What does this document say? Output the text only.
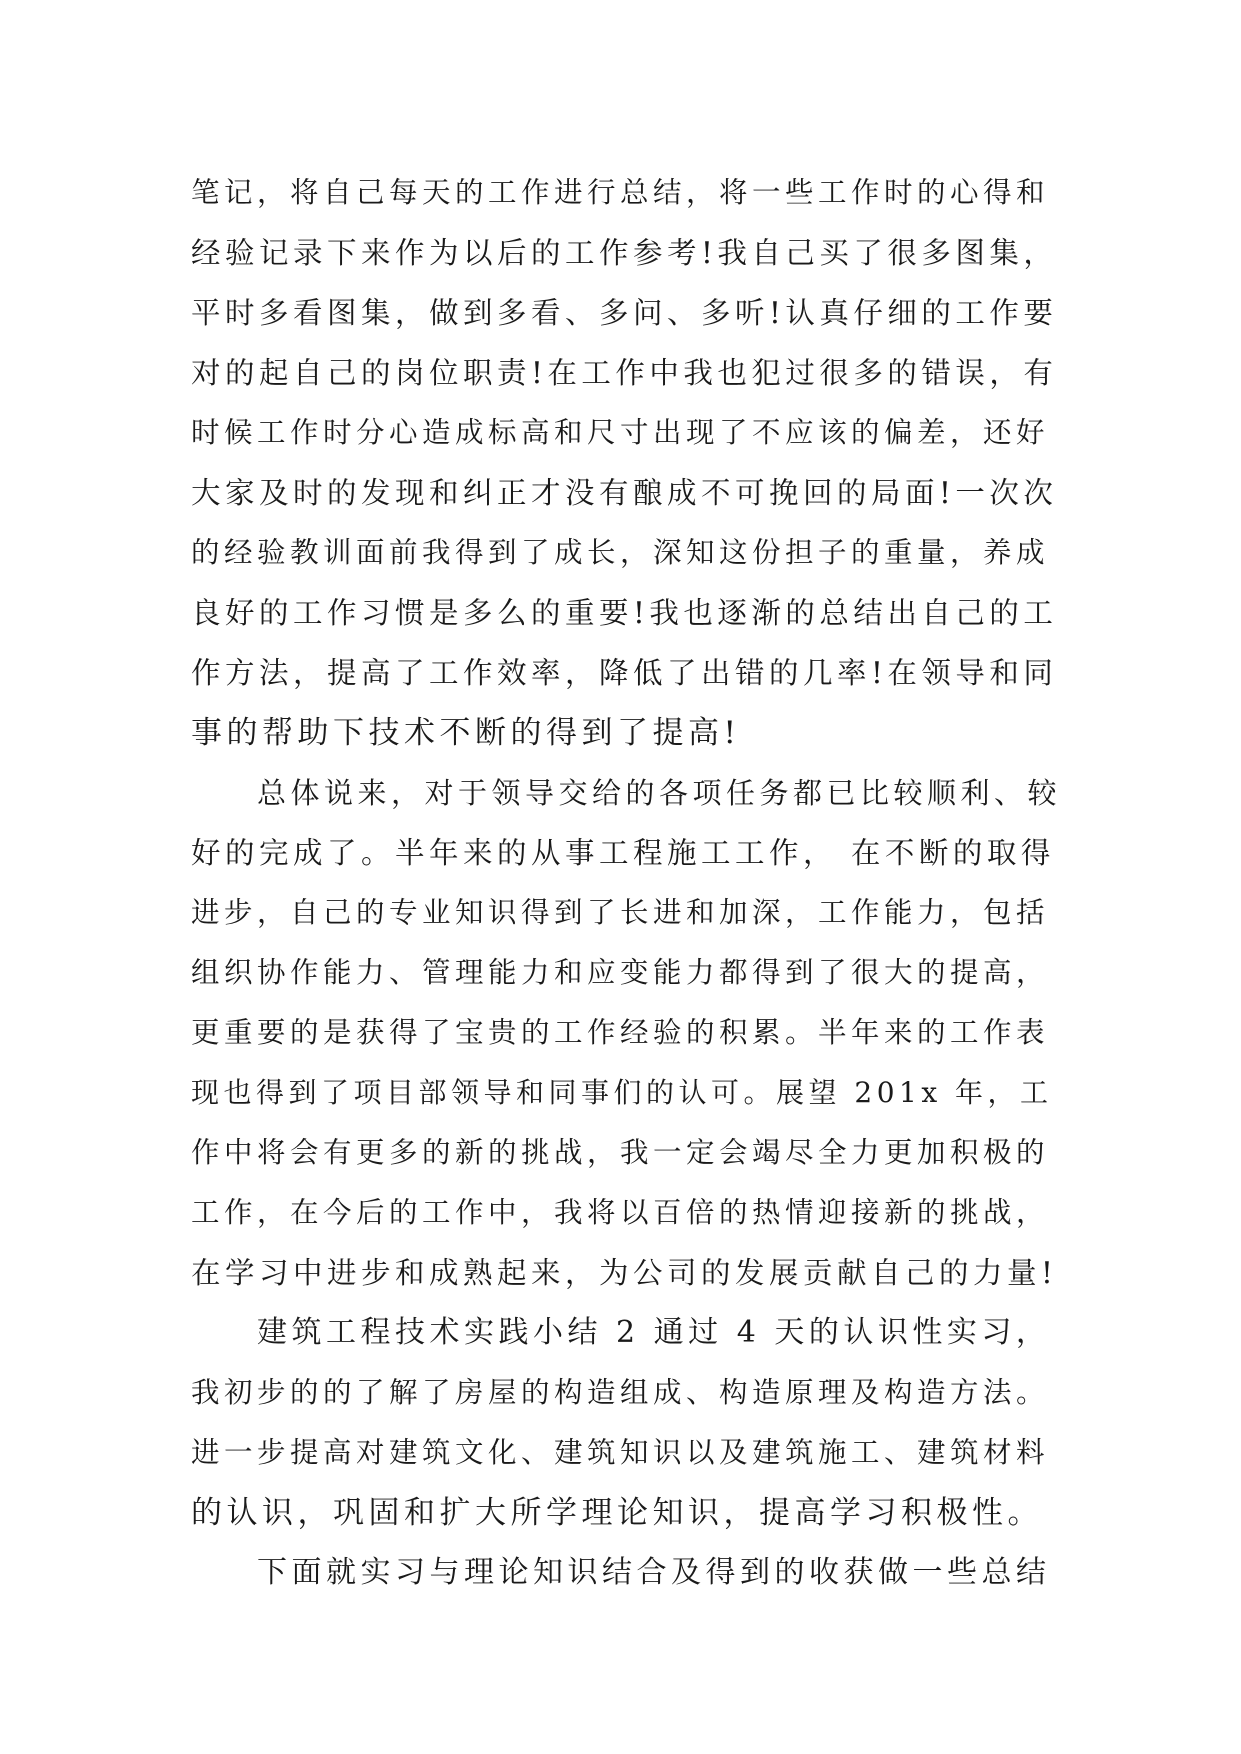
笔记，将自己每天的工作进行总结，将一些工作时的心得和
经验记录下来作为以后的工作参考!我自己买了很多图集，
平时多看图集，做到多看、多问、多听!认真仔细的工作要
对的起自己的岗位职责!在工作中我也犯过很多的错误，有
时候工作时分心造成标高和尺寸出现了不应该的偏差，还好
大家及时的发现和纠正才没有酿成不可挽回的局面!一次次
的经验教训面前我得到了成长，深知这份担子的重量，养成
良好的工作习惯是多么的重要!我也逐渐的总结出自己的工
作方法，提高了工作效率，降低了出错的几率!在领导和同
事的帮助下技术不断的得到了提高!
总体说来，对于领导交给的各项任务都已比较顺利、较
好的完成了。半年来的从事工程施工工作， 在不断的取得
进步，自己的专业知识得到了长进和加深，工作能力，包括
组织协作能力、管理能力和应变能力都得到了很大的提高，
更重要的是获得了宝贵的工作经验的积累。半年来的工作表
现也得到了项目部领导和同事们的认可。展望 201x 年，工
作中将会有更多的新的挑战，我一定会竭尽全力更加积极的
工作，在今后的工作中，我将以百倍的热情迎接新的挑战，
在学习中进步和成熟起来，为公司的发展贡献自己的力量!
建筑工程技术实践小结 2 通过 4 天的认识性实习，
我初步的的了解了房屋的构造组成、构造原理及构造方法。
进一步提高对建筑文化、建筑知识以及建筑施工、建筑材料
的认识，巩固和扩大所学理论知识，提高学习积极性。
下面就实习与理论知识结合及得到的收获做一些总结
